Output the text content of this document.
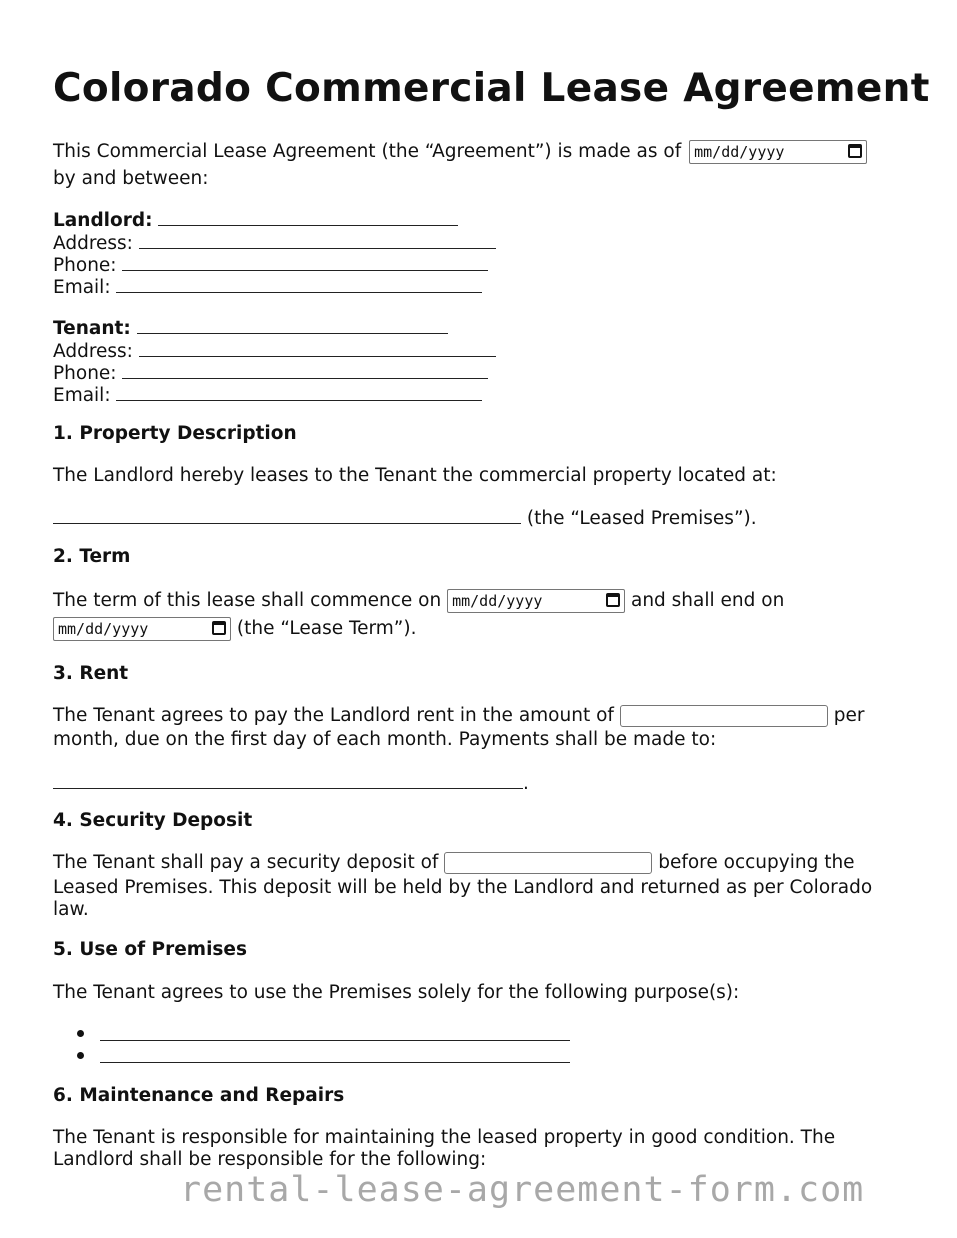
Colorado Commercial Lease Agreement
This Commercial Lease Agreement (the “Agreement”) is made as of mm/dd/yyyy
by and between:
Landlord:
Address:
Phone:
Email:
Tenant:
Address:
Phone:
Email:
1. Property Description
The Landlord hereby leases to the Tenant the commercial property located at:
(the “Leased Premises”).
2. Term
The term of this lease shall commence on mm/dd/yyyy	and shall end on
mm/dd/yyyy	(the “Lease Term”).
3. Rent
The Tenant agrees to pay the Landlord rent in the amount of	per
month, due on the first day of each month. Payments shall be made to:
.
4. Security Deposit
The Tenant shall pay a security deposit of	before occupying the
Leased Premises. This deposit will be held by the Landlord and returned as per Colorado
law.
5. Use of Premises
The Tenant agrees to use the Premises solely for the following purpose(s):
6. Maintenance and Repairs
The Tenant is responsible for maintaining the leased property in good condition. The
Landlord shall be responsible for the following:
rental-lease-agreement-form.com
